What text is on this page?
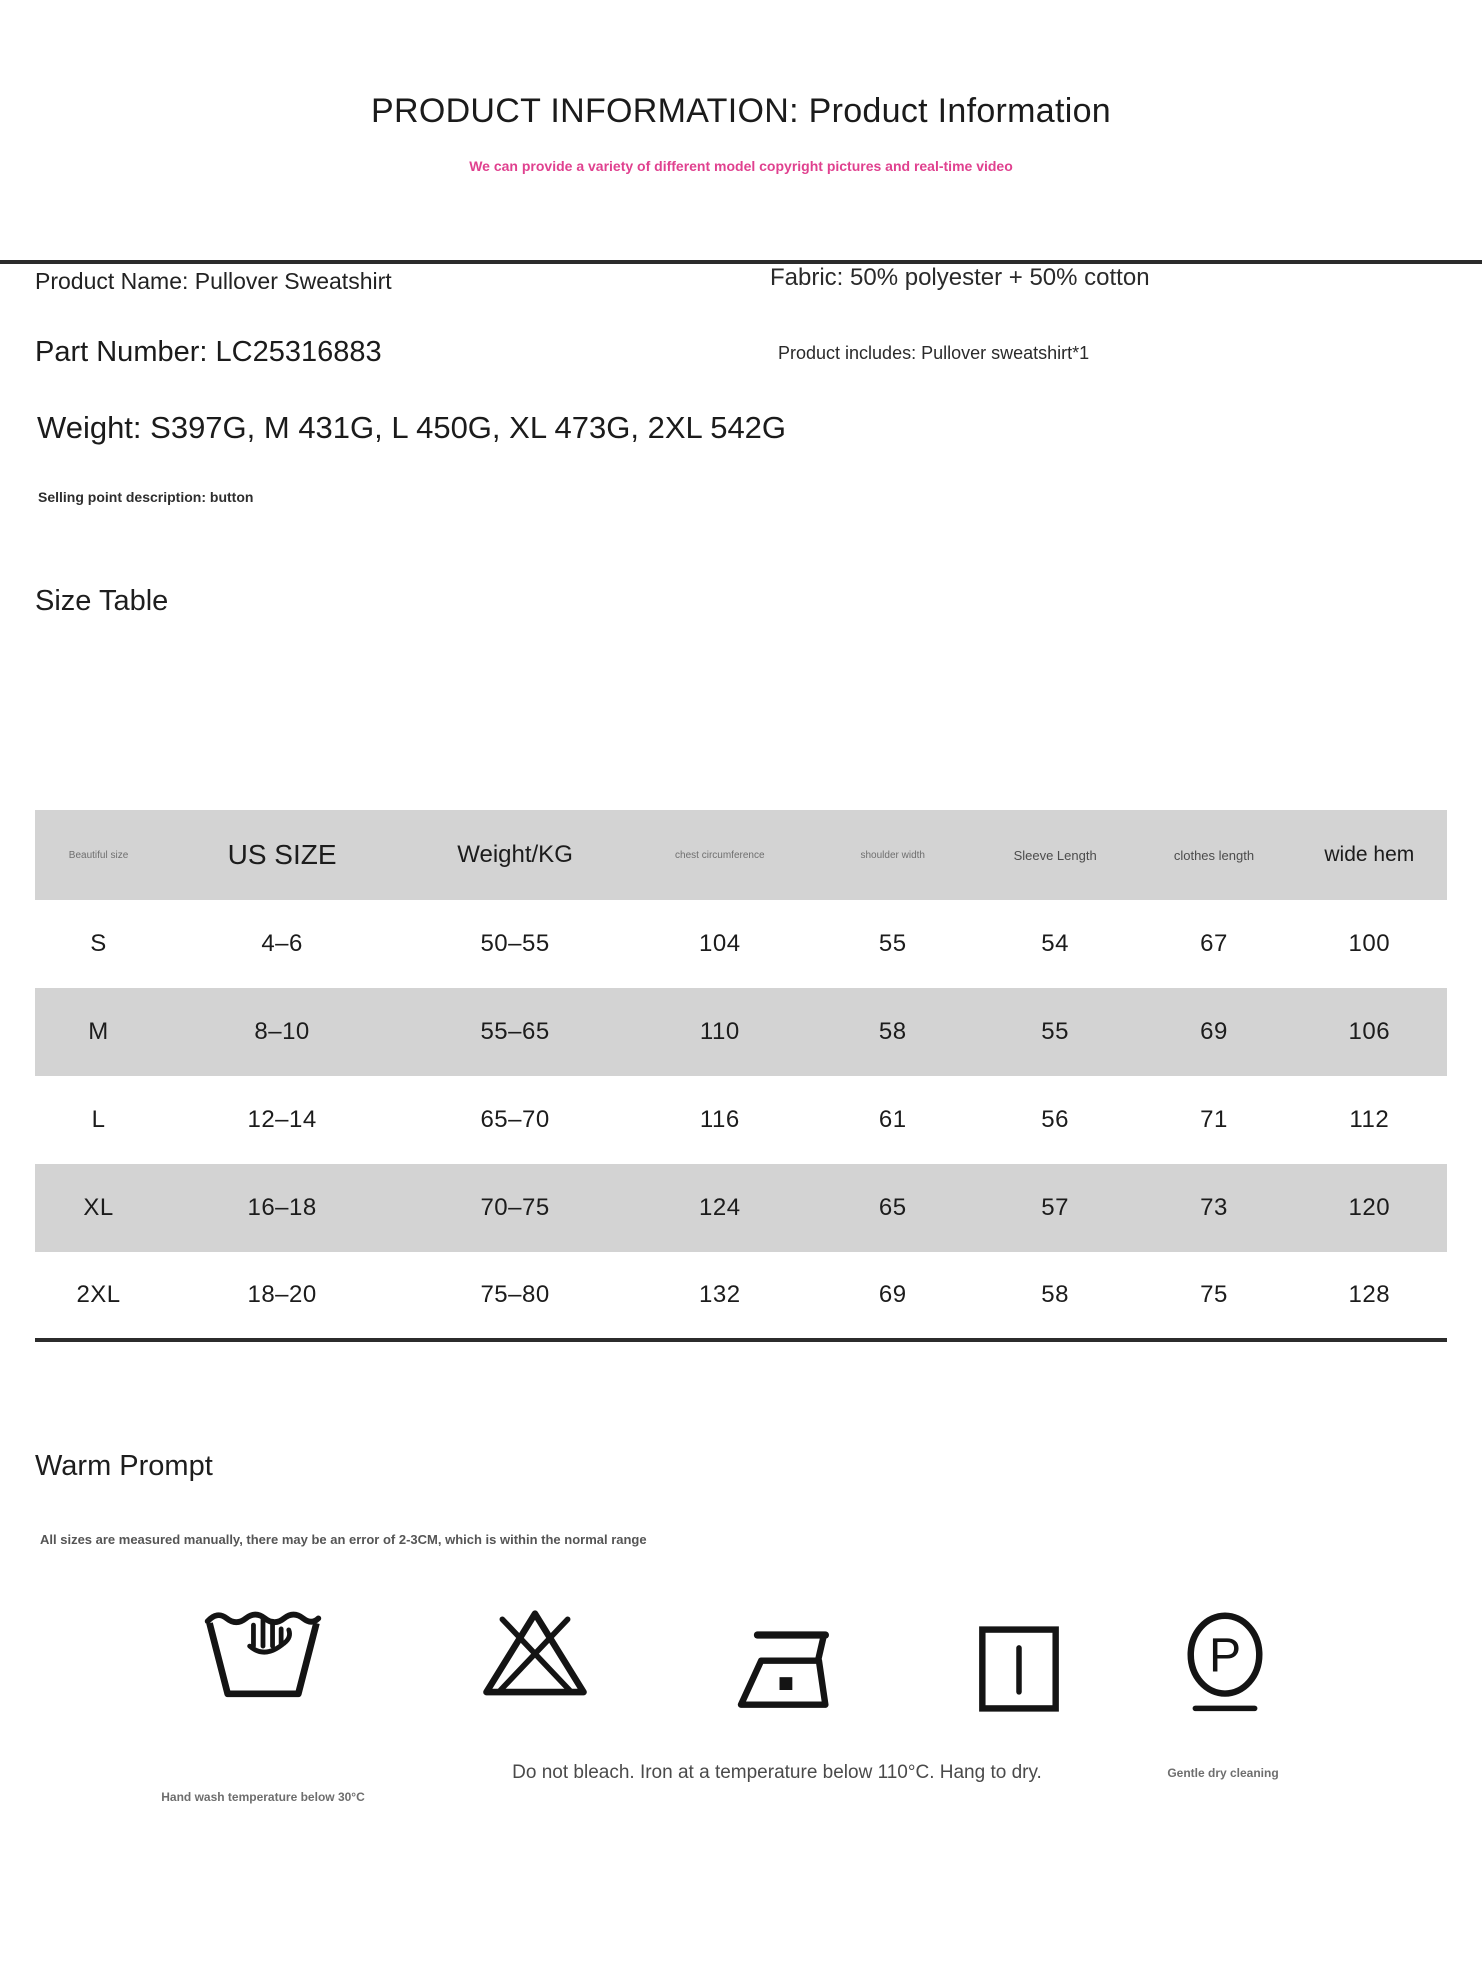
PRODUCT INFORMATION: Product Information
We can provide a variety of different model copyright pictures and real-time video
Product Name: Pullover Sweatshirt	Fabric: 50% polyester + 50% cotton
Part Number: LC25316883	Product includes: Pullover sweatshirt*1
Weight: S397G, M 431G, L 450G, XL 473G, 2XL 542G
Selling point description: button
Size Table
Beautiful size	US SIZE	Weight/KG	chest circumference	shoulder width	Sleeve Length	clothes length	wide hem
S	4–6	50–55	104	55	54	67	100
M	8–10	55–65	110	58	55	69	106
L	12–14	65–70	116	61	56	71	112
XL	16–18	70–75	124	65	57	73	120
2XL	18–20	75–80	132	69	58	75	128
Warm Prompt
All sizes are measured manually, there may be an error of 2-3CM, which is within the normal range
P
Hand wash temperature below 30°C
Do not bleach. Iron at a temperature below 110°C. Hang to dry.	Gentle dry cleaning
